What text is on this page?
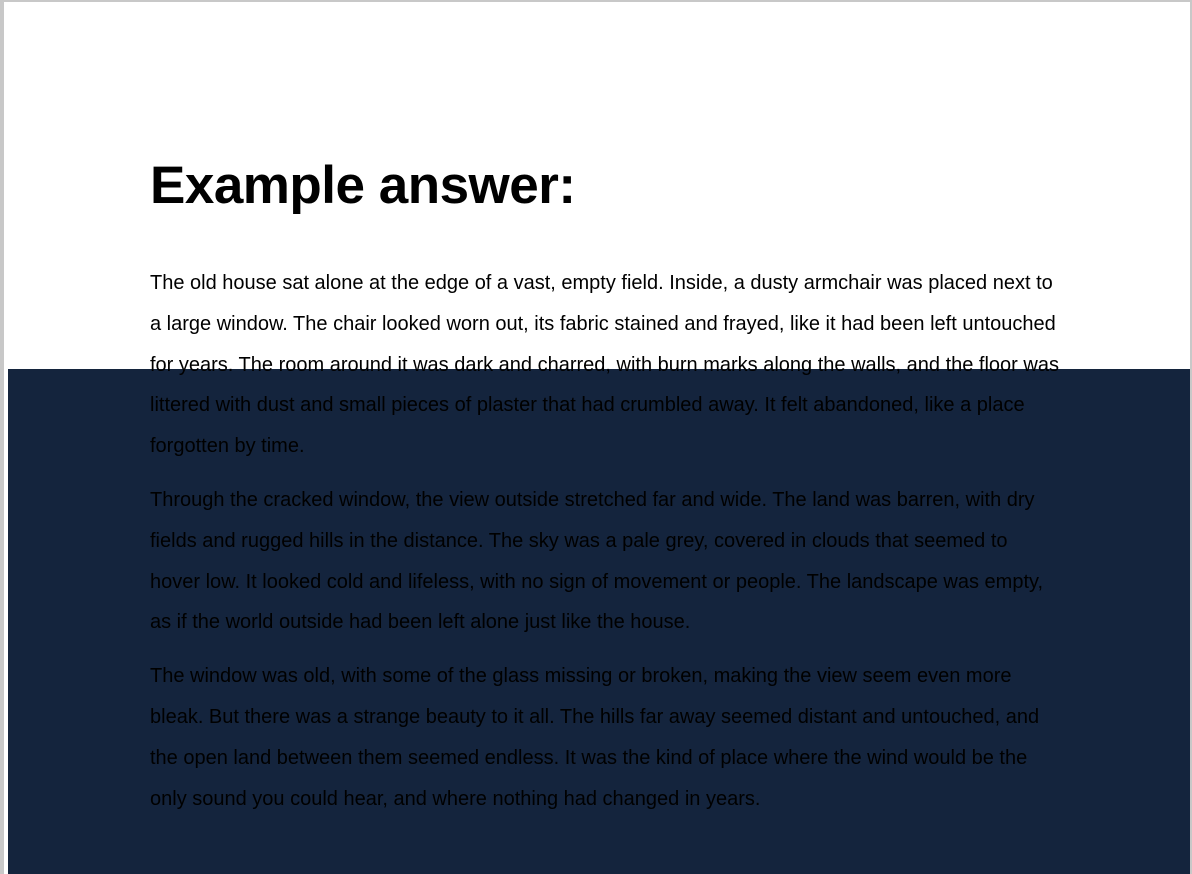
Example answer:

The old house sat alone at the edge of a vast, empty field. Inside, a dusty armchair was placed next to a large window. The chair looked worn out, its fabric stained and frayed, like it had been left untouched for years. The room around it was dark and charred, with burn marks along the walls, and the floor was littered with dust and small pieces of plaster that had crumbled away. It felt abandoned, like a place forgotten by time.

Through the cracked window, the view outside stretched far and wide. The land was barren, with dry fields and rugged hills in the distance. The sky was a pale grey, covered in clouds that seemed to hover low. It looked cold and lifeless, with no sign of movement or people. The landscape was empty, as if the world outside had been left alone just like the house.

The window was old, with some of the glass missing or broken, making the view seem even more bleak. But there was a strange beauty to it all. The hills far away seemed distant and untouched, and the open land between them seemed endless. It was the kind of place where the wind would be the only sound you could hear, and where nothing had changed in years.
